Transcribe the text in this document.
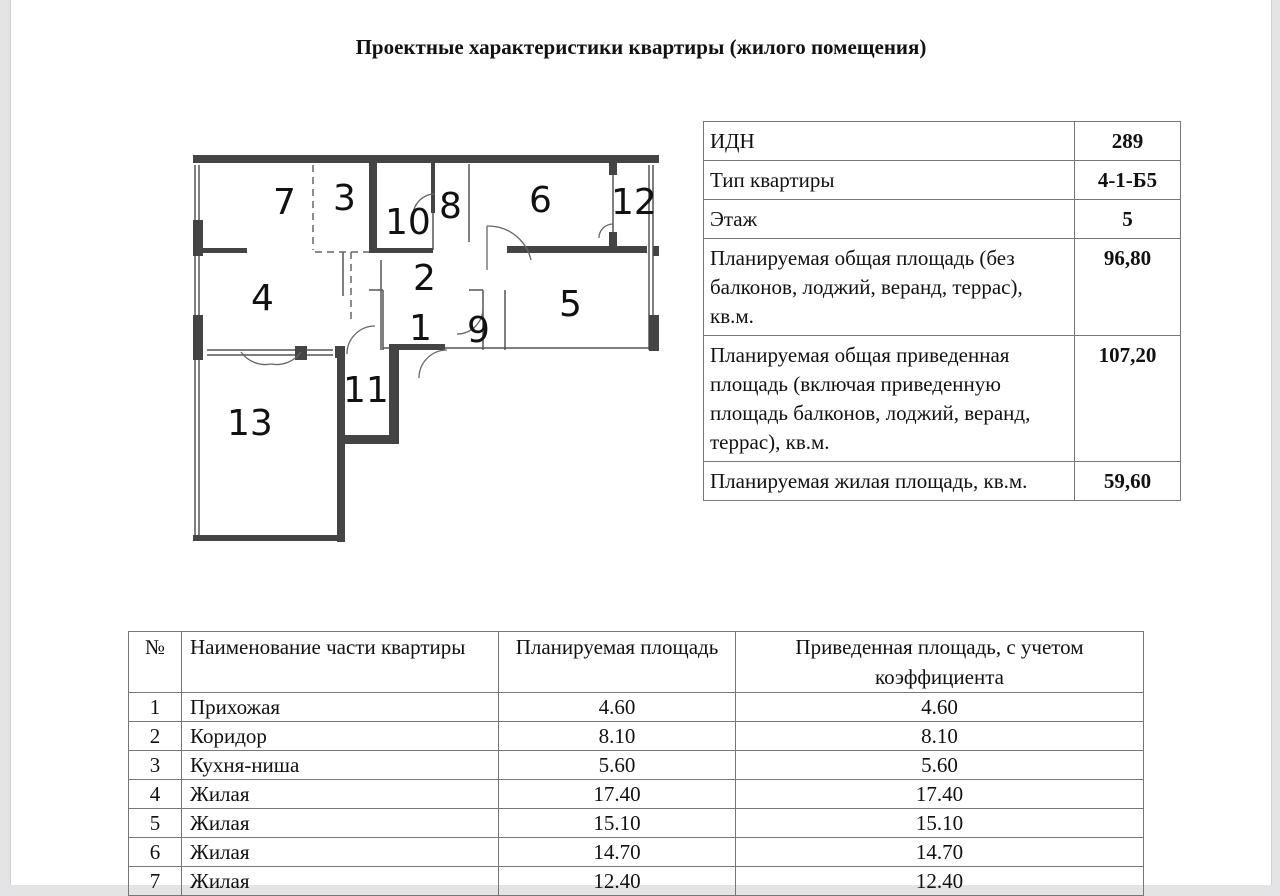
Проектные характеристики квартиры (жилого помещения)
7 3
10 8 6 12
2
4	5
1 9
11
13
ИДН	289
Тип квартиры	4-1-Б5
Этаж	5
Планируемая общая площадь (без балконов, лоджий, веранд, террас), кв.м.	96,80
Планируемая общая приведенная площадь (включая приведенную площадь балконов, лоджий, веранд, террас), кв.м.	107,20
Планируемая жилая площадь, кв.м.	59,60
№	Наименование части квартиры	Планируемая площадь	Приведенная площадь, с учетом коэффициента
1	Прихожая	4.60	4.60
2	Коридор	8.10	8.10
3	Кухня-ниша	5.60	5.60
4	Жилая	17.40	17.40
5	Жилая	15.10	15.10
6	Жилая	14.70	14.70
7	Жилая	12.40	12.40
